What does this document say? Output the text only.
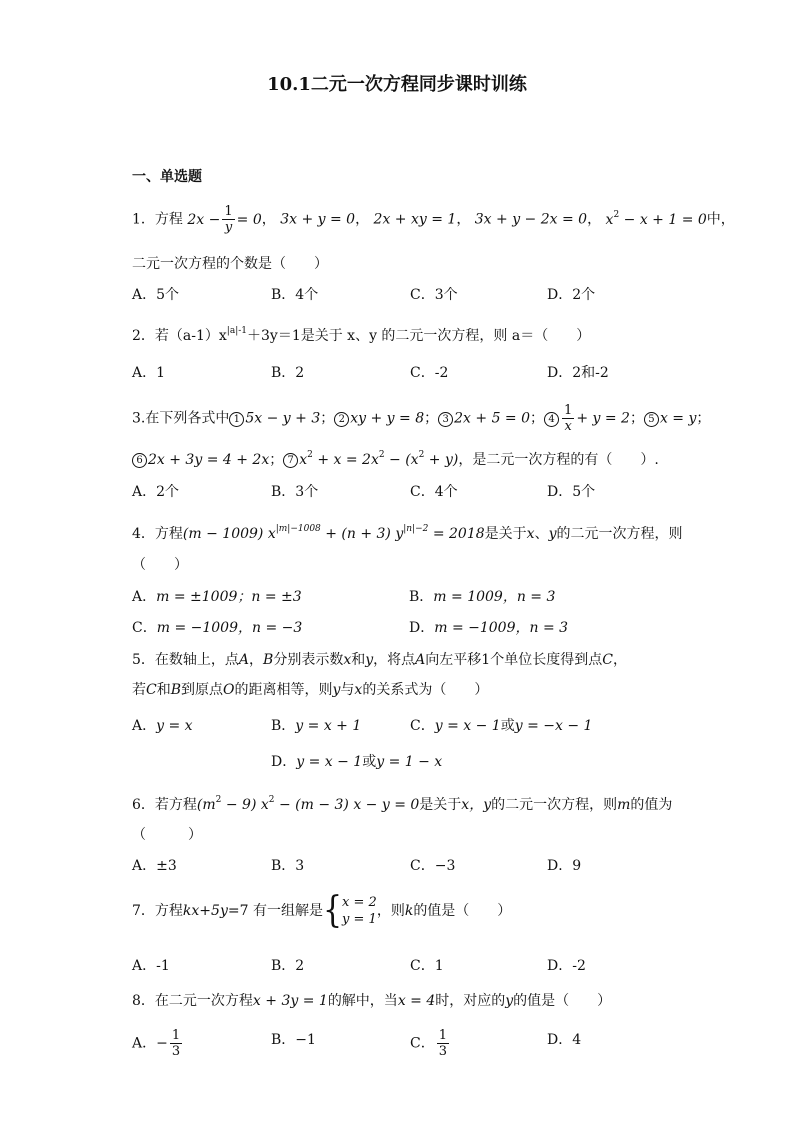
10.1二元一次方程同步课时训练
一、单选题
1．方程 $2x - \frac{1}{y} = 0$， 3x + y = 0， 2x + xy = 1， 3x + y − 2x = 0， $x^2 - x + 1 = 0$中，
二元一次方程的个数是（　　）
A．5个	B．4个	C．3个	D．2个
2．若$(a-1)x^{|a|-1}+3y=1$是关于 x、y 的二元一次方程，则 a＝（　　）
A．1	B．2	C．-2	D．2和-2
3.在下列各式中 1 5x − y + 3； 2 xy + y = 8； 3 2x + 5 = 0； $4 \frac{1}{x} + y = 2$； 5 x = y；
6 2x + 3y = 4 + 2x； 7 $x^2 + x = 2x^2 - (x^2 + y)$，是二元一次方程的有（　　）.
A．2个	B．3个	C．4个	D．5个
4．方程(m − 1009) $x^{|m|-1008} + (n + 3) y^{|n|-2} = 2018$是关于x、y的二元一次方程，则
（　　）
A．m = ±1009；n = ±3	B．m = 1009，n = 3
C．m = −1009，n = −3	D．m = −1009，n = 3
5．在数轴上，点A，B分别表示数x和y，将点A向左平移1个单位长度得到点C，
若C和B到原点O的距离相等，则y与x的关系式为（　　）
A．y = x	B．y = x + 1	C．y = x − 1或y = −x − 1
D．y = x − 1或y = 1 − x
6．若方程$(m^2 - 9) x^2 - (m - 3) x - y = 0$是关于x，y的二元一次方程，则m的值为
（　　　）
A．±3	B．3	C．−3	D．9
7．方程kx+5y=7 有一组解是{ x = 2
y = 1
，则k的值是（　　）
A．-1	B．2	C．1	D．-2
8．在二元一次方程x + 3y = 1的解中，当x = 4时，对应的y的值是（　　）
A．− $\frac{1}{3}$	B．−1	C． $\frac{1}{3}$	D．4
